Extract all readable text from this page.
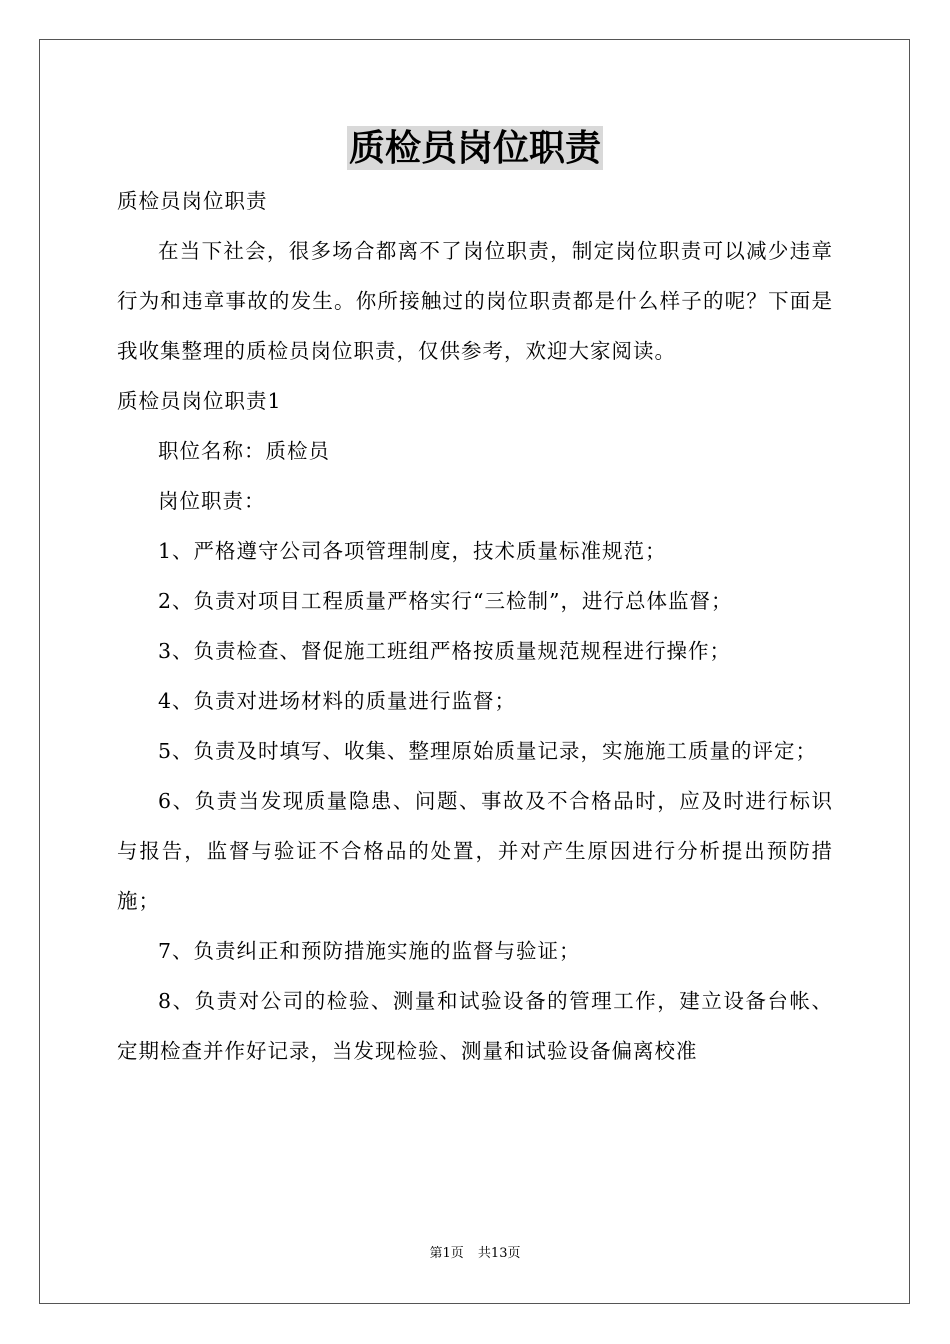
质检员岗位职责

质检员岗位职责

在当下社会，很多场合都离不了岗位职责，制定岗位职责可以减少违章行为和违章事故的发生。你所接触过的岗位职责都是什么样子的呢？下面是我收集整理的质检员岗位职责，仅供参考，欢迎大家阅读。

质检员岗位职责1

职位名称：质检员

岗位职责：

1、严格遵守公司各项管理制度，技术质量标准规范；

2、负责对项目工程质量严格实行“三检制”，进行总体监督；

3、负责检查、督促施工班组严格按质量规范规程进行操作；

4、负责对进场材料的质量进行监督；

5、负责及时填写、收集、整理原始质量记录，实施施工质量的评定；

6、负责当发现质量隐患、问题、事故及不合格品时，应及时进行标识与报告，监督与验证不合格品的处置，并对产生原因进行分析提出预防措施；

7、负责纠正和预防措施实施的监督与验证；

8、负责对公司的检验、测量和试验设备的管理工作，建立设备台帐、定期检查并作好记录，当发现检验、测量和试验设备偏离校准

第1页 共13页
